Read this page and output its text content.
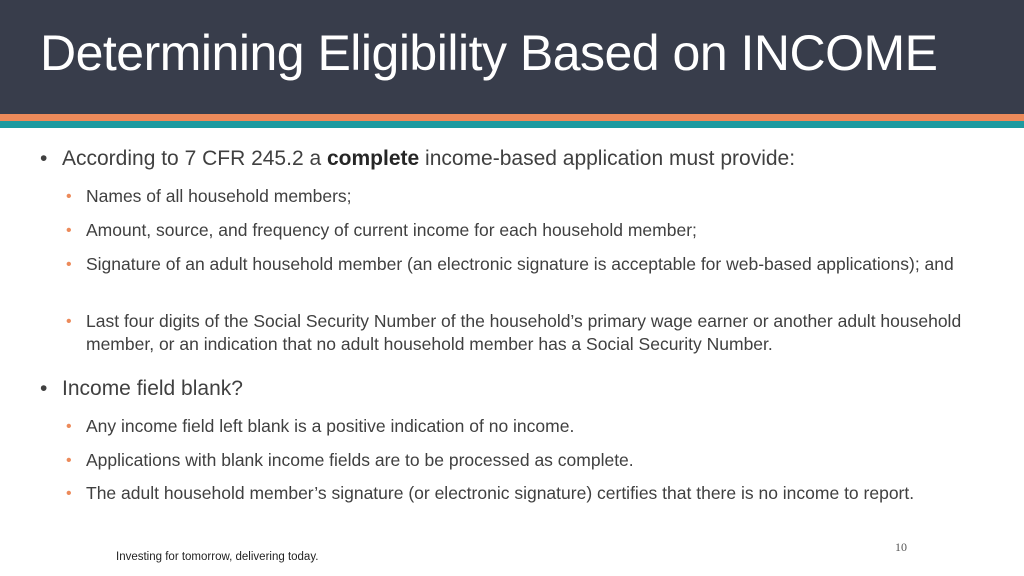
Determining Eligibility Based on INCOME
• According to 7 CFR 245.2 a complete income-based application must provide:
• Names of all household members;
• Amount, source, and frequency of current income for each household member;
• Signature of an adult household member (an electronic signature is acceptable for web-based applications); and
• Last four digits of the Social Security Number of the household’s primary wage earner or another adult household member, or an indication that no adult household member has a Social Security Number.
• Income field blank?
• Any income field left blank is a positive indication of no income.
• Applications with blank income fields are to be processed as complete.
• The adult household member’s signature (or electronic signature) certifies that there is no income to report.
10
Investing for tomorrow, delivering today.
